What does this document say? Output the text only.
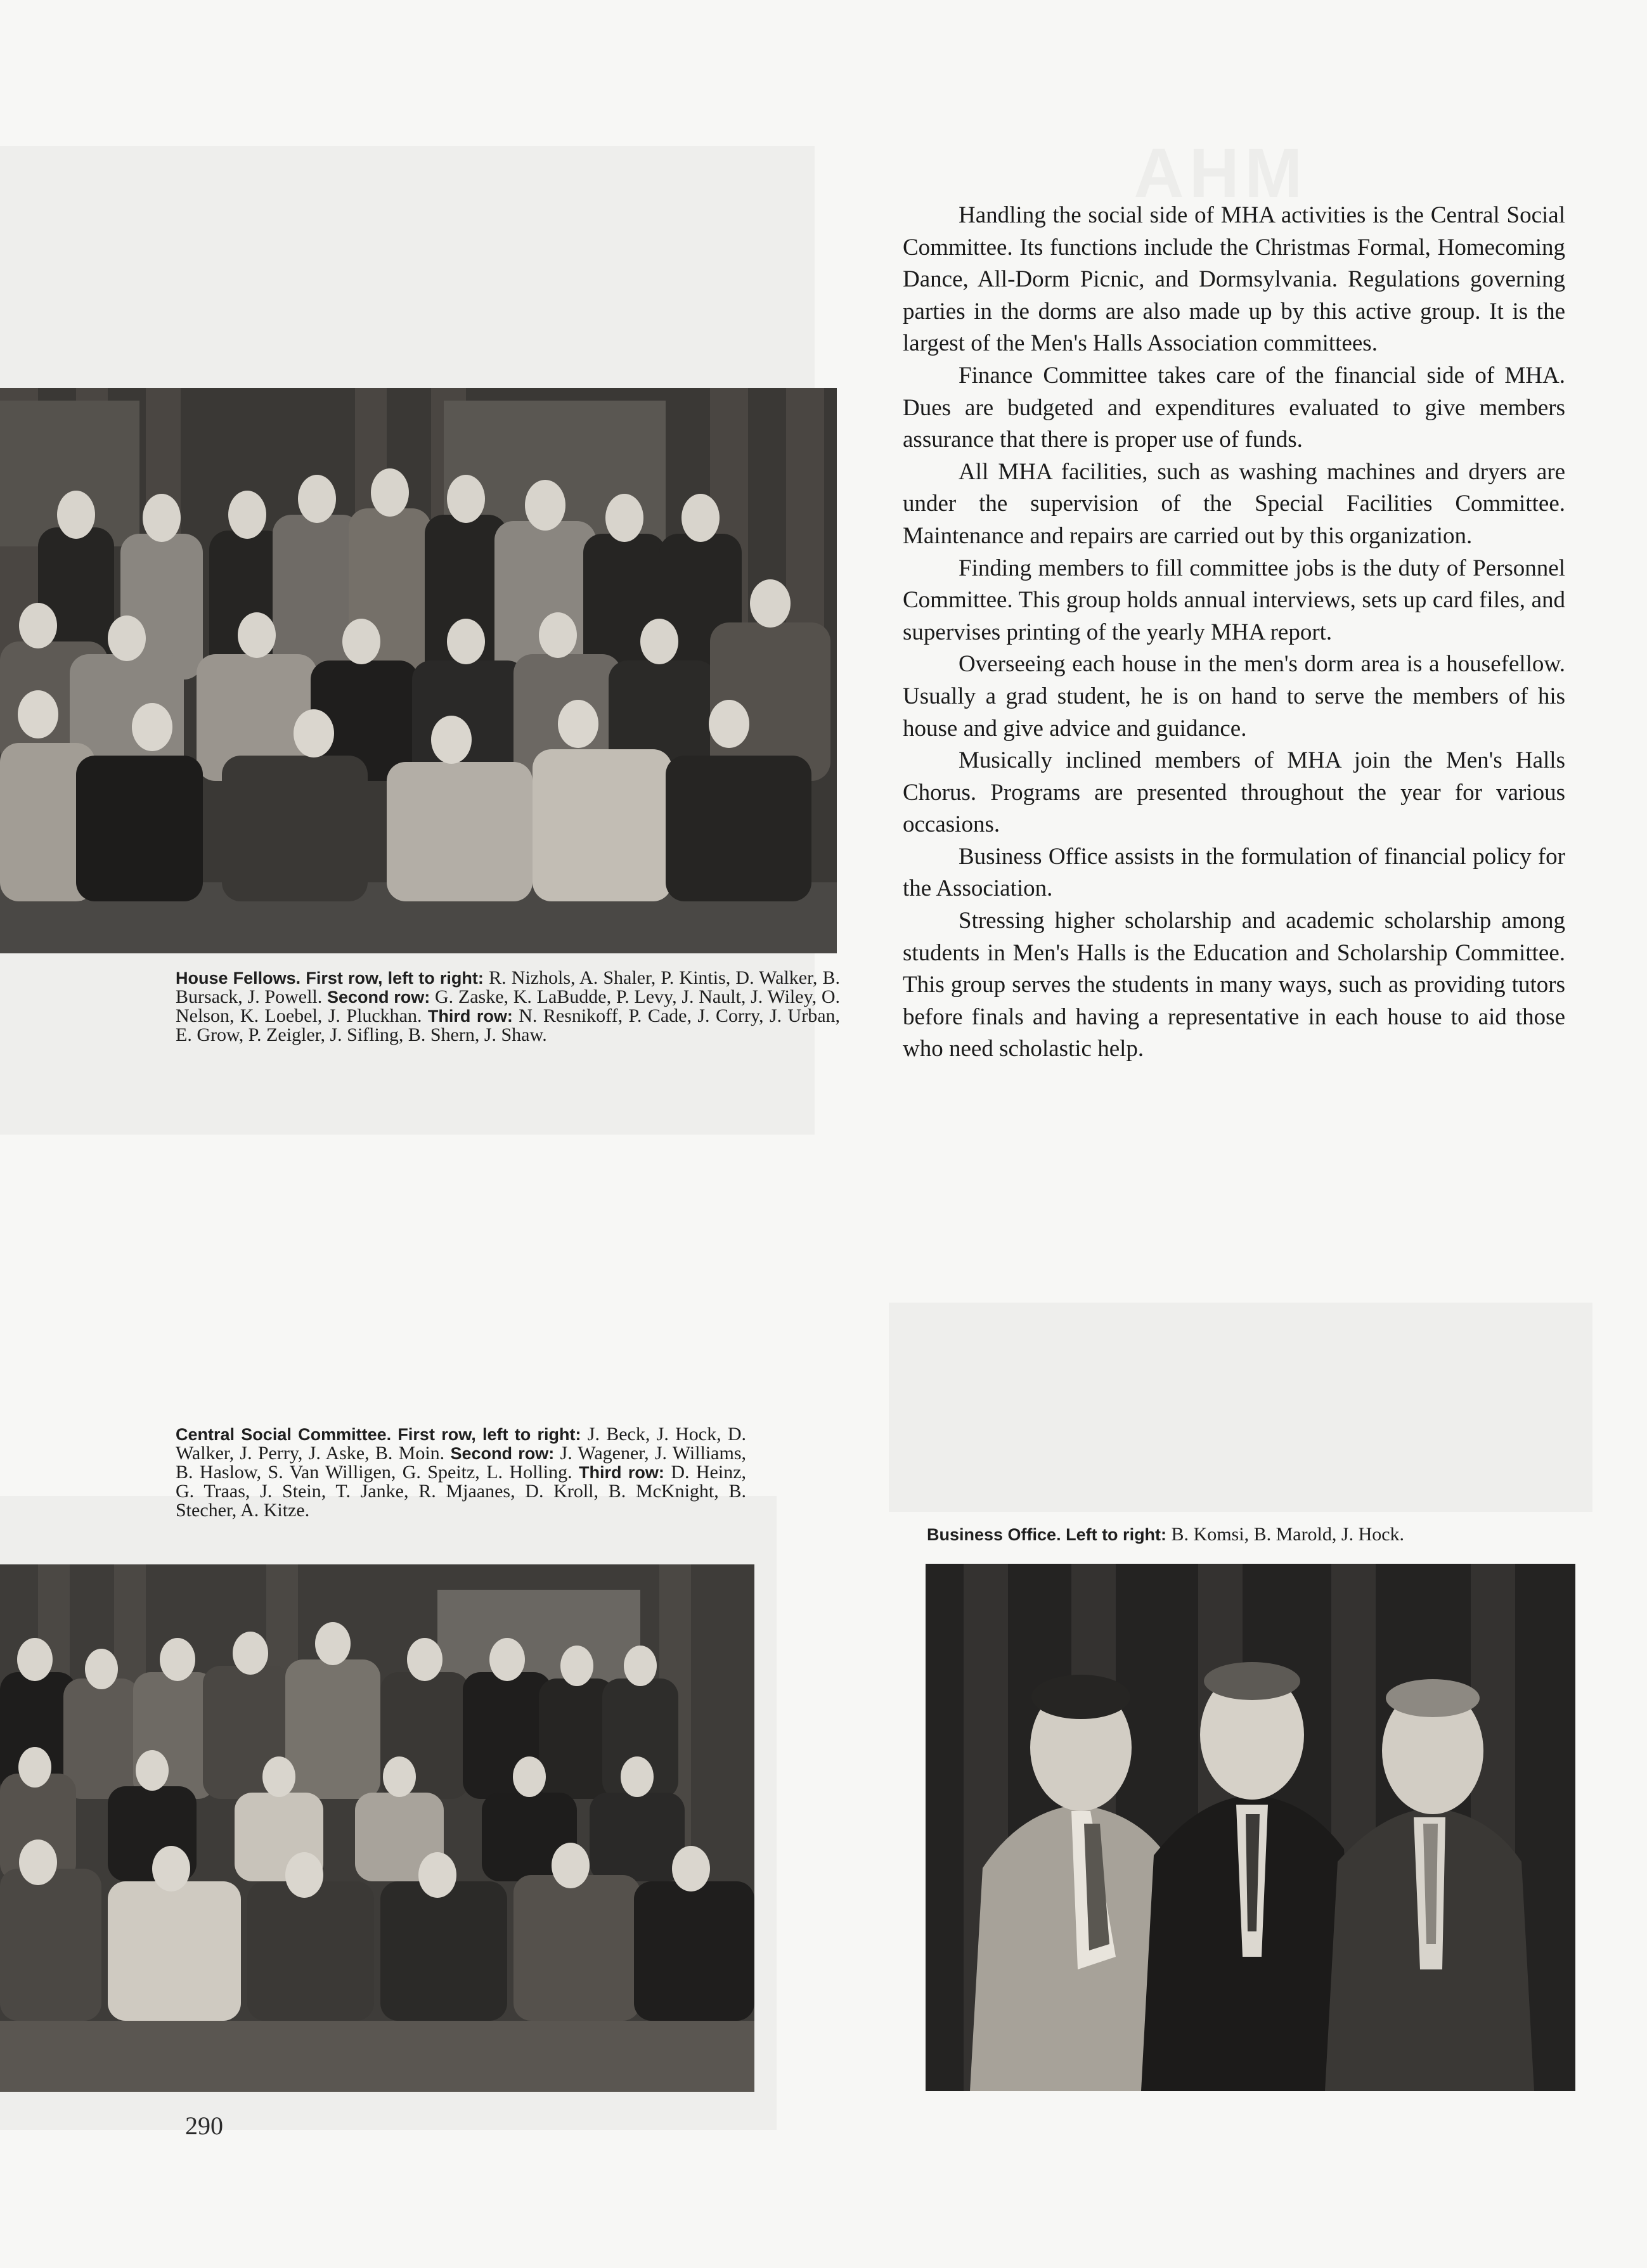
House Fellows. First row, left to right: R. Nizhols, A. Shaler, P. Kintis, D. Walker, B. Bursack, J. Powell. Second row: G. Zaske, K. LaBudde, P. Levy, J. Nault, J. Wiley, O. Nelson, K. Loebel, J. Pluckhan. Third row: N. Resnikoff, P. Cade, J. Corry, J. Urban, E. Grow, P. Zeigler, J. Sifling, B. Shern, J. Shaw.

Handling the social side of MHA activities is the Central Social Committee. Its functions include the Christmas Formal, Homecoming Dance, All-Dorm Picnic, and Dormsylvania. Regulations governing parties in the dorms are also made up by this active group. It is the largest of the Men's Halls Association committees.

Finance Committee takes care of the financial side of MHA. Dues are budgeted and expenditures evaluated to give members assurance that there is proper use of funds.

All MHA facilities, such as washing machines and dryers are under the supervision of the Special Facilities Committee. Maintenance and repairs are carried out by this organization.

Finding members to fill committee jobs is the duty of Personnel Committee. This group holds annual interviews, sets up card files, and supervises printing of the yearly MHA report.

Overseeing each house in the men's dorm area is a housefellow. Usually a grad student, he is on hand to serve the members of his house and give advice and guidance.

Musically inclined members of MHA join the Men's Halls Chorus. Programs are presented throughout the year for various occasions.

Business Office assists in the formulation of financial policy for the Association.

Stressing higher scholarship and academic scholarship among students in Men's Halls is the Education and Scholarship Committee. This group serves the students in many ways, such as providing tutors before finals and having a representative in each house to aid those who need scholastic help.

Central Social Committee. First row, left to right: J. Beck, J. Hock, D. Walker, J. Perry, J. Aske, B. Moin. Second row: J. Wagener, J. Williams, B. Haslow, S. Van Willigen, G. Speitz, L. Holling. Third row: D. Heinz, G. Traas, J. Stein, T. Janke, R. Mjaanes, D. Kroll, B. McKnight, B. Stecher, A. Kitze.
Business Office. Left to right: B. Komsi, B. Marold, J. Hock.
290
